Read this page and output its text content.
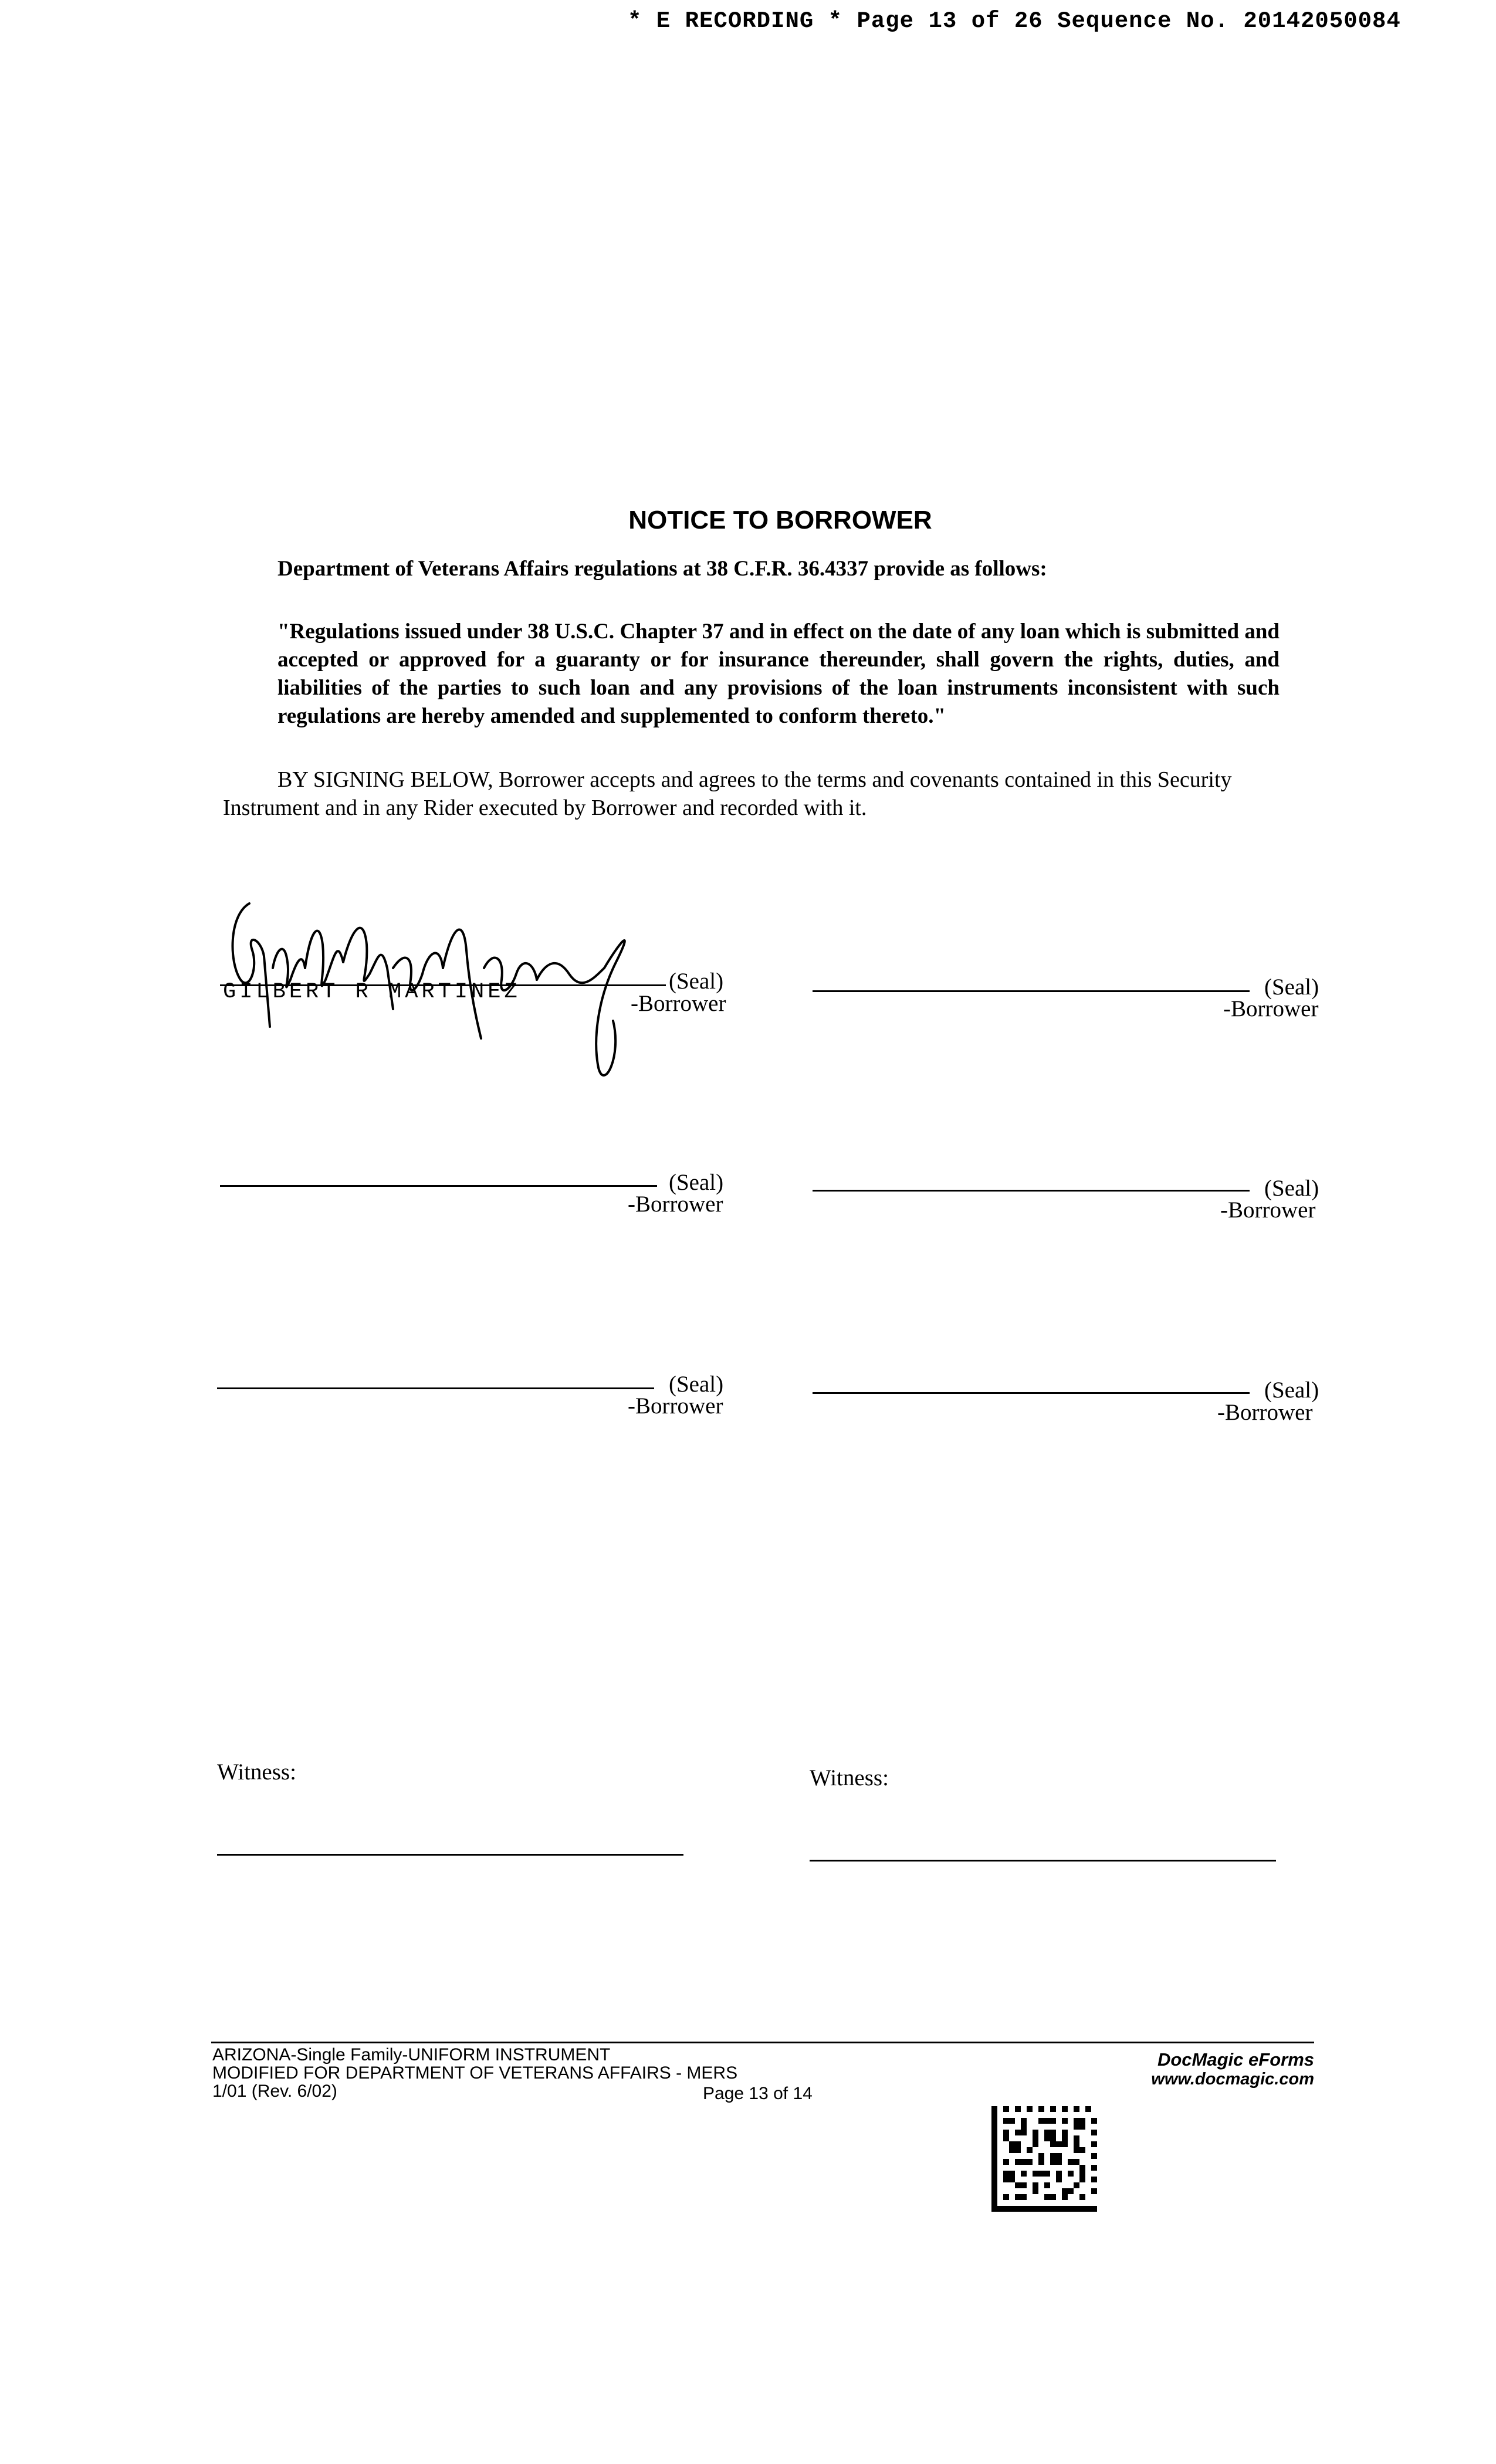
* E RECORDING * Page 13 of 26 Sequence No. 20142050084
NOTICE TO BORROWER
Department of Veterans Affairs regulations at 38 C.F.R. 36.4337 provide as follows:
"Regulations issued under 38 U.S.C. Chapter 37 and in effect on the date of any loan which is submitted and accepted or approved for a guaranty or for insurance thereunder, shall govern the rights, duties, and liabilities of the parties to such loan and any provisions of the loan instruments inconsistent with such regulations are hereby amended and supplemented to conform thereto."
BY SIGNING BELOW, Borrower accepts and agrees to the terms and covenants contained in this Security Instrument and in any Rider executed by Borrower and recorded with it.
(Seal)
-Borrower
GILBERT R MARTINEZ	(Seal)
-Borrower
(Seal)
-Borrower
(Seal)
-Borrower
(Seal)
-Borrower
(Seal)
-Borrower
Witness:	Witness:
ARIZONA-Single Family-UNIFORM INSTRUMENT
MODIFIED FOR DEPARTMENT OF VETERANS AFFAIRS - MERS
1/01 (Rev. 6/02)	Page 13 of 14
DocMagic eForms
www.docmagic.com
